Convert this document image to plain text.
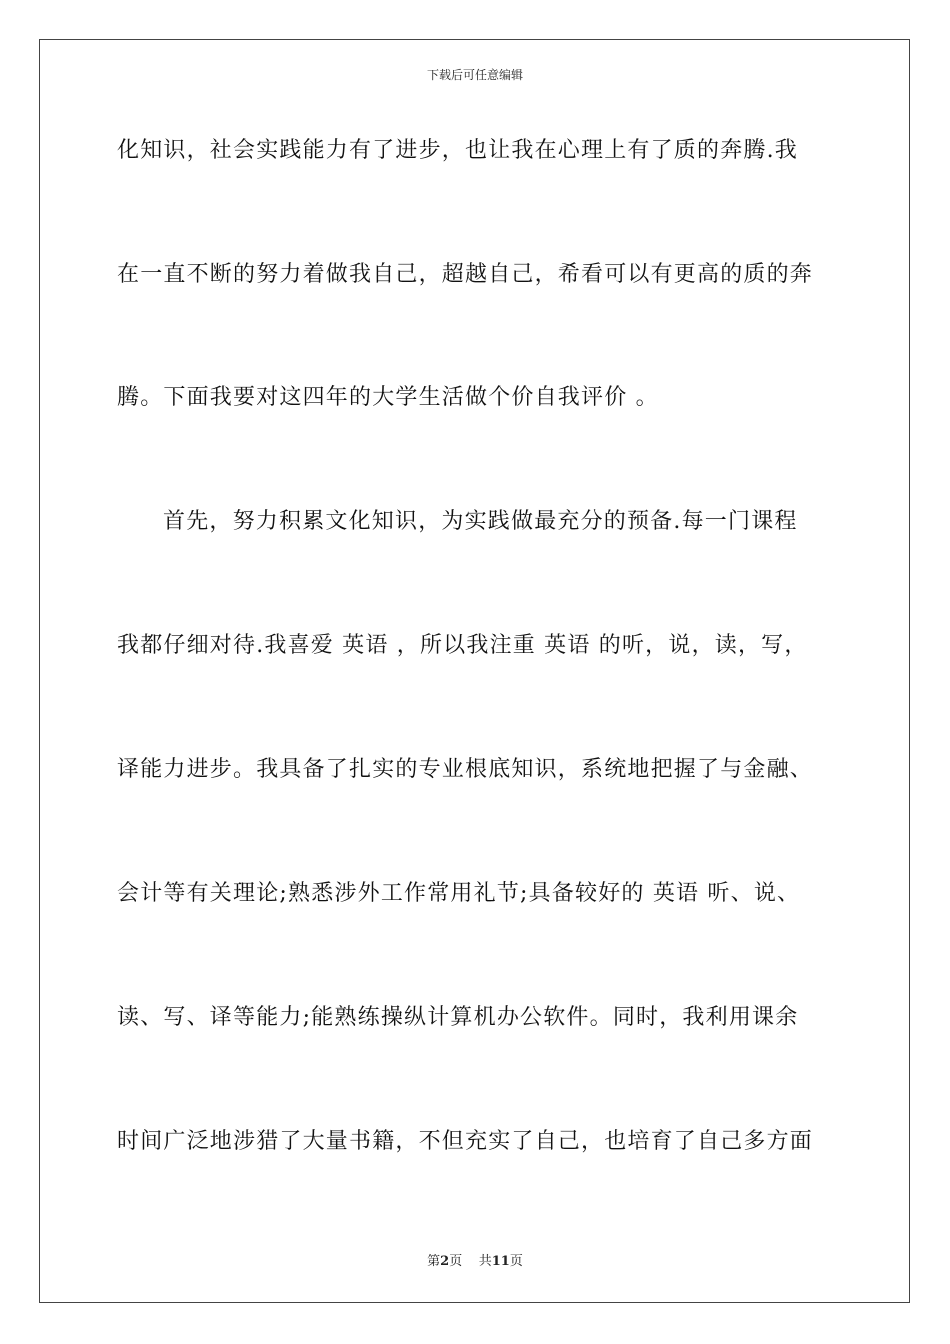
下载后可任意编辑
化知识，社会实践能力有了进步，也让我在心理上有了质的奔腾.我
在一直不断的努力着做我自己，超越自己，希看可以有更高的质的奔
腾。下面我要对这四年的大学生活做个价自我评价 。
首先，努力积累文化知识，为实践做最充分的预备.每一门课程
我都仔细对待.我喜爱 英语 ，所以我注重 英语 的听，说，读，写，
译能力进步。我具备了扎实的专业根底知识，系统地把握了与金融、
会计等有关理论;熟悉涉外工作常用礼节;具备较好的 英语 听、说、
读、写、译等能力;能熟练操纵计算机办公软件。同时，我利用课余
时间广泛地涉猎了大量书籍，不但充实了自己，也培育了自己多方面
第2页 共11页
